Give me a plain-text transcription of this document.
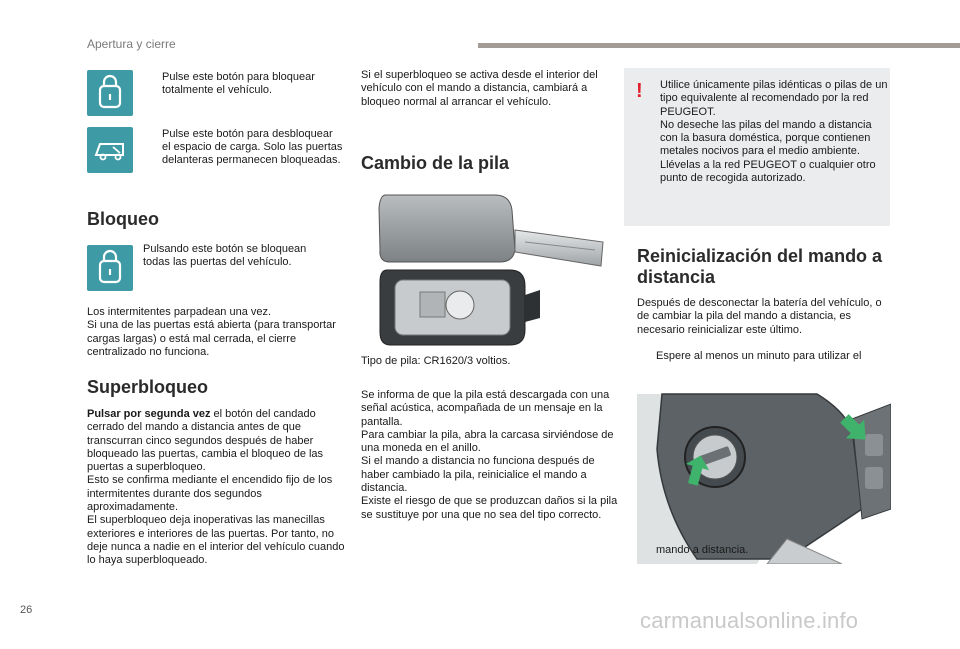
Apertura y cierre
Pulse este botón para bloquear totalmente el vehículo.
Pulse este botón para desbloquear el espacio de carga. Solo las puertas delanteras permanecen bloqueadas.
Bloqueo
Pulsando este botón se bloquean todas las puertas del vehículo.
Los intermitentes parpadean una vez.
Si una de las puertas está abierta (para transportar cargas largas) o está mal cerrada, el cierre centralizado no funciona.
Superbloqueo
Pulsar por segunda vez el botón del candado cerrado del mando a distancia antes de que transcurran cinco segundos después de haber bloqueado las puertas, cambia el bloqueo de las puertas a superbloqueo.
Esto se confirma mediante el encendido fijo de los intermitentes durante dos segundos aproximadamente.
El superbloqueo deja inoperativas las manecillas exteriores e interiores de las puertas. Por tanto, no deje nunca a nadie en el interior del vehículo cuando lo haya superbloqueado.
Si el superbloqueo se activa desde el interior del vehículo con el mando a distancia, cambiará a bloqueo normal al arrancar el vehículo.
Cambio de la pila
Tipo de pila: CR1620/3 voltios.
Se informa de que la pila está descargada con una señal acústica, acompañada de un mensaje en la pantalla.
Para cambiar la pila, abra la carcasa sirviéndose de una moneda en el anillo.
Si el mando a distancia no funciona después de haber cambiado la pila, reinicialice el mando a distancia.
Existe el riesgo de que se produzcan daños si la pila se sustituye por una que no sea del tipo correcto.
! Utilice únicamente pilas idénticas o pilas de un tipo equivalente al recomendado por la red PEUGEOT.
No deseche las pilas del mando a distancia con la basura doméstica, porque contienen metales nocivos para el medio ambiente.
Llévelas a la red PEUGEOT o cualquier otro punto de recogida autorizado.
Reinicialización del mando a distancia
Después de desconectar la batería del vehículo, o de cambiar la pila del mando a distancia, es necesario reinicializar este último.
Espere al menos un minuto para utilizar el
mando a distancia.
26	carmanualsonline.info
